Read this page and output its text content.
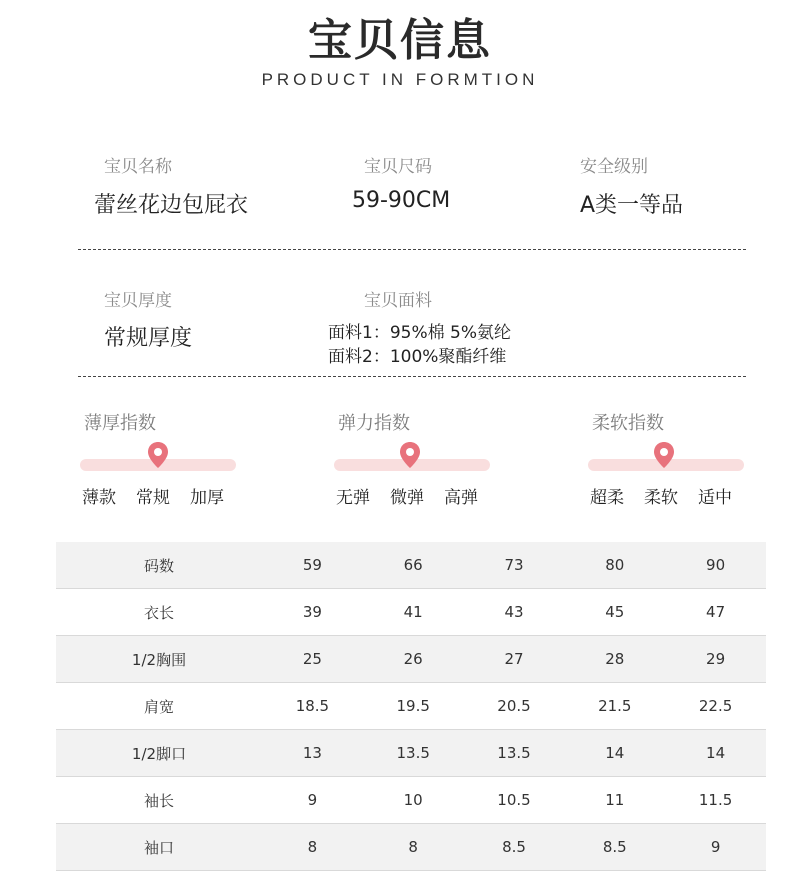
宝贝信息
PRODUCT IN FORMTION
宝贝名称
蕾丝花边包屁衣
宝贝尺码
59-90CM
安全级别
A类一等品
宝贝厚度
常规厚度
宝贝面料
面料1：95%棉 5%氨纶
面料2：100%聚酯纤维
薄厚指数
薄款 常规 加厚
弹力指数
无弹 微弹 高弹
柔软指数
超柔 柔软 适中
码数	59	66	73	80	90
衣长	39	41	43	45	47
1/2胸围	25	26	27	28	29
肩宽	18.5	19.5	20.5	21.5	22.5
1/2脚口	13	13.5	13.5	14	14
袖长	9	10	10.5	11	11.5
袖口	8	8	8.5	8.5	9
